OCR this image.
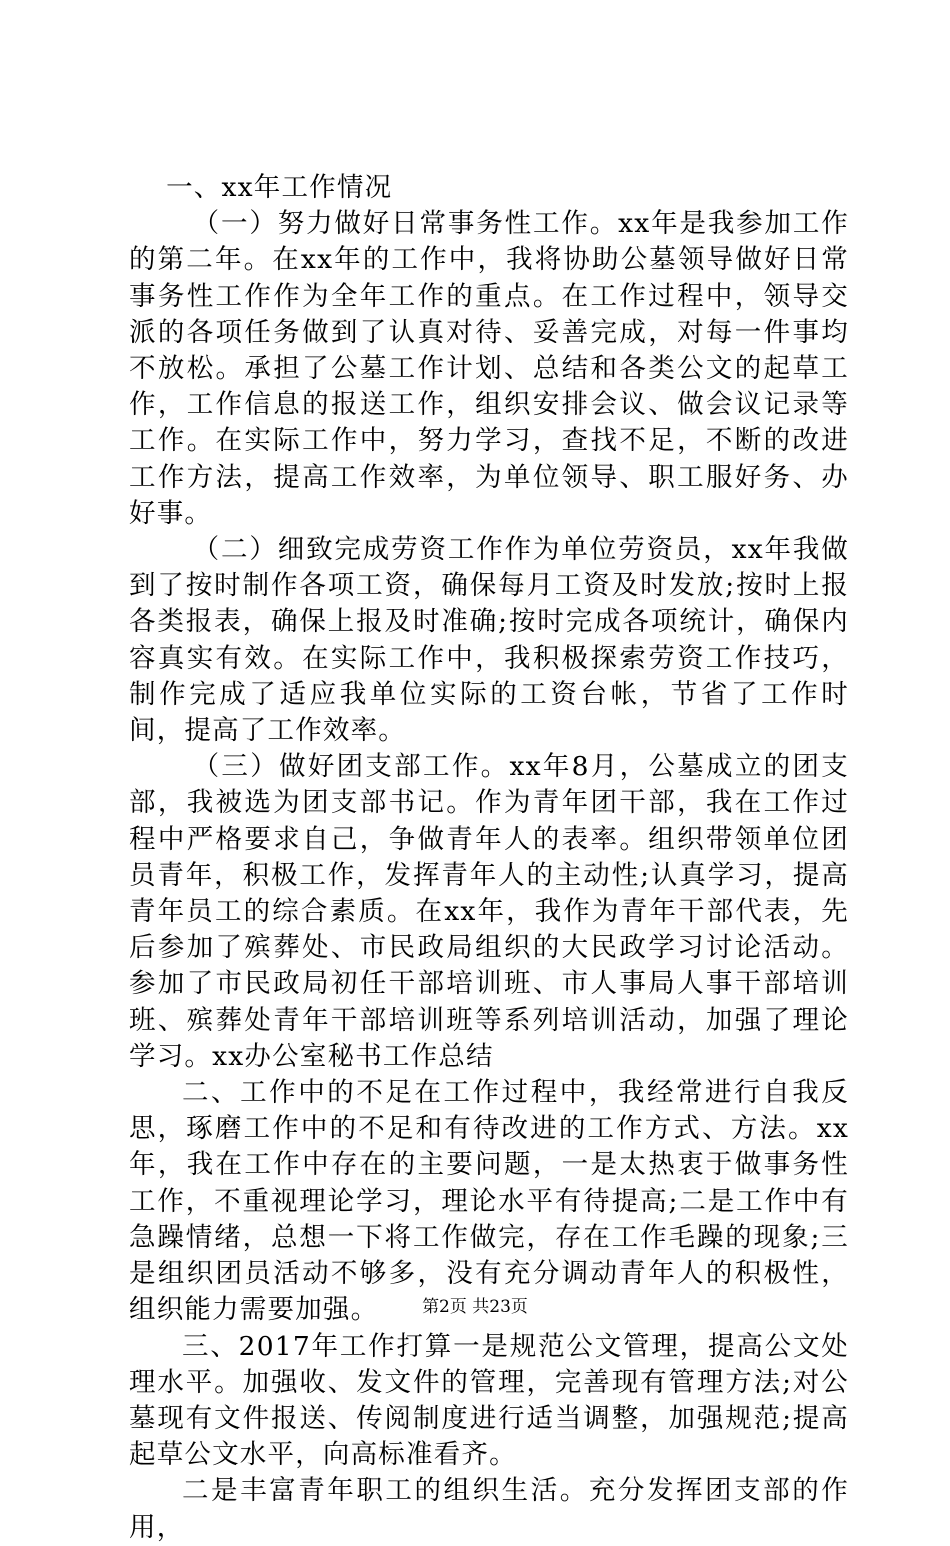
一、xx年工作情况

（一）努力做好日常事务性工作。xx年是我参加工作的第二年。在xx年的工作中，我将协助公墓领导做好日常事务性工作作为全年工作的重点。在工作过程中，领导交派的各项任务做到了认真对待、妥善完成，对每一件事均不放松。承担了公墓工作计划、总结和各类公文的起草工作，工作信息的报送工作，组织安排会议、做会议记录等工作。在实际工作中，努力学习，查找不足，不断的改进工作方法，提高工作效率，为单位领导、职工服好务、办好事。

（二）细致完成劳资工作作为单位劳资员，xx年我做到了按时制作各项工资，确保每月工资及时发放;按时上报各类报表，确保上报及时准确;按时完成各项统计，确保内容真实有效。在实际工作中，我积极探索劳资工作技巧，制作完成了适应我单位实际的工资台帐，节省了工作时间，提高了工作效率。

（三）做好团支部工作。xx年8月，公墓成立的团支部，我被选为团支部书记。作为青年团干部，我在工作过程中严格要求自己，争做青年人的表率。组织带领单位团员青年，积极工作，发挥青年人的主动性;认真学习，提高青年员工的综合素质。在xx年，我作为青年干部代表，先后参加了殡葬处、市民政局组织的大民政学习讨论活动。参加了市民政局初任干部培训班、市人事局人事干部培训班、殡葬处青年干部培训班等系列培训活动，加强了理论学习。xx办公室秘书工作总结

二、工作中的不足在工作过程中，我经常进行自我反思，琢磨工作中的不足和有待改进的工作方式、方法。xx年，我在工作中存在的主要问题，一是太热衷于做事务性工作，不重视理论学习，理论水平有待提高;二是工作中有急躁情绪，总想一下将工作做完，存在工作毛躁的现象;三是组织团员活动不够多，没有充分调动青年人的积极性，组织能力需要加强。

三、2017年工作打算一是规范公文管理，提高公文处理水平。加强收、发文件的管理，完善现有管理方法;对公墓现有文件报送、传阅制度进行适当调整，加强规范;提高起草公文水平，向高标准看齐。

二是丰富青年职工的组织生活。充分发挥团支部的作用，

第2页 共23页
